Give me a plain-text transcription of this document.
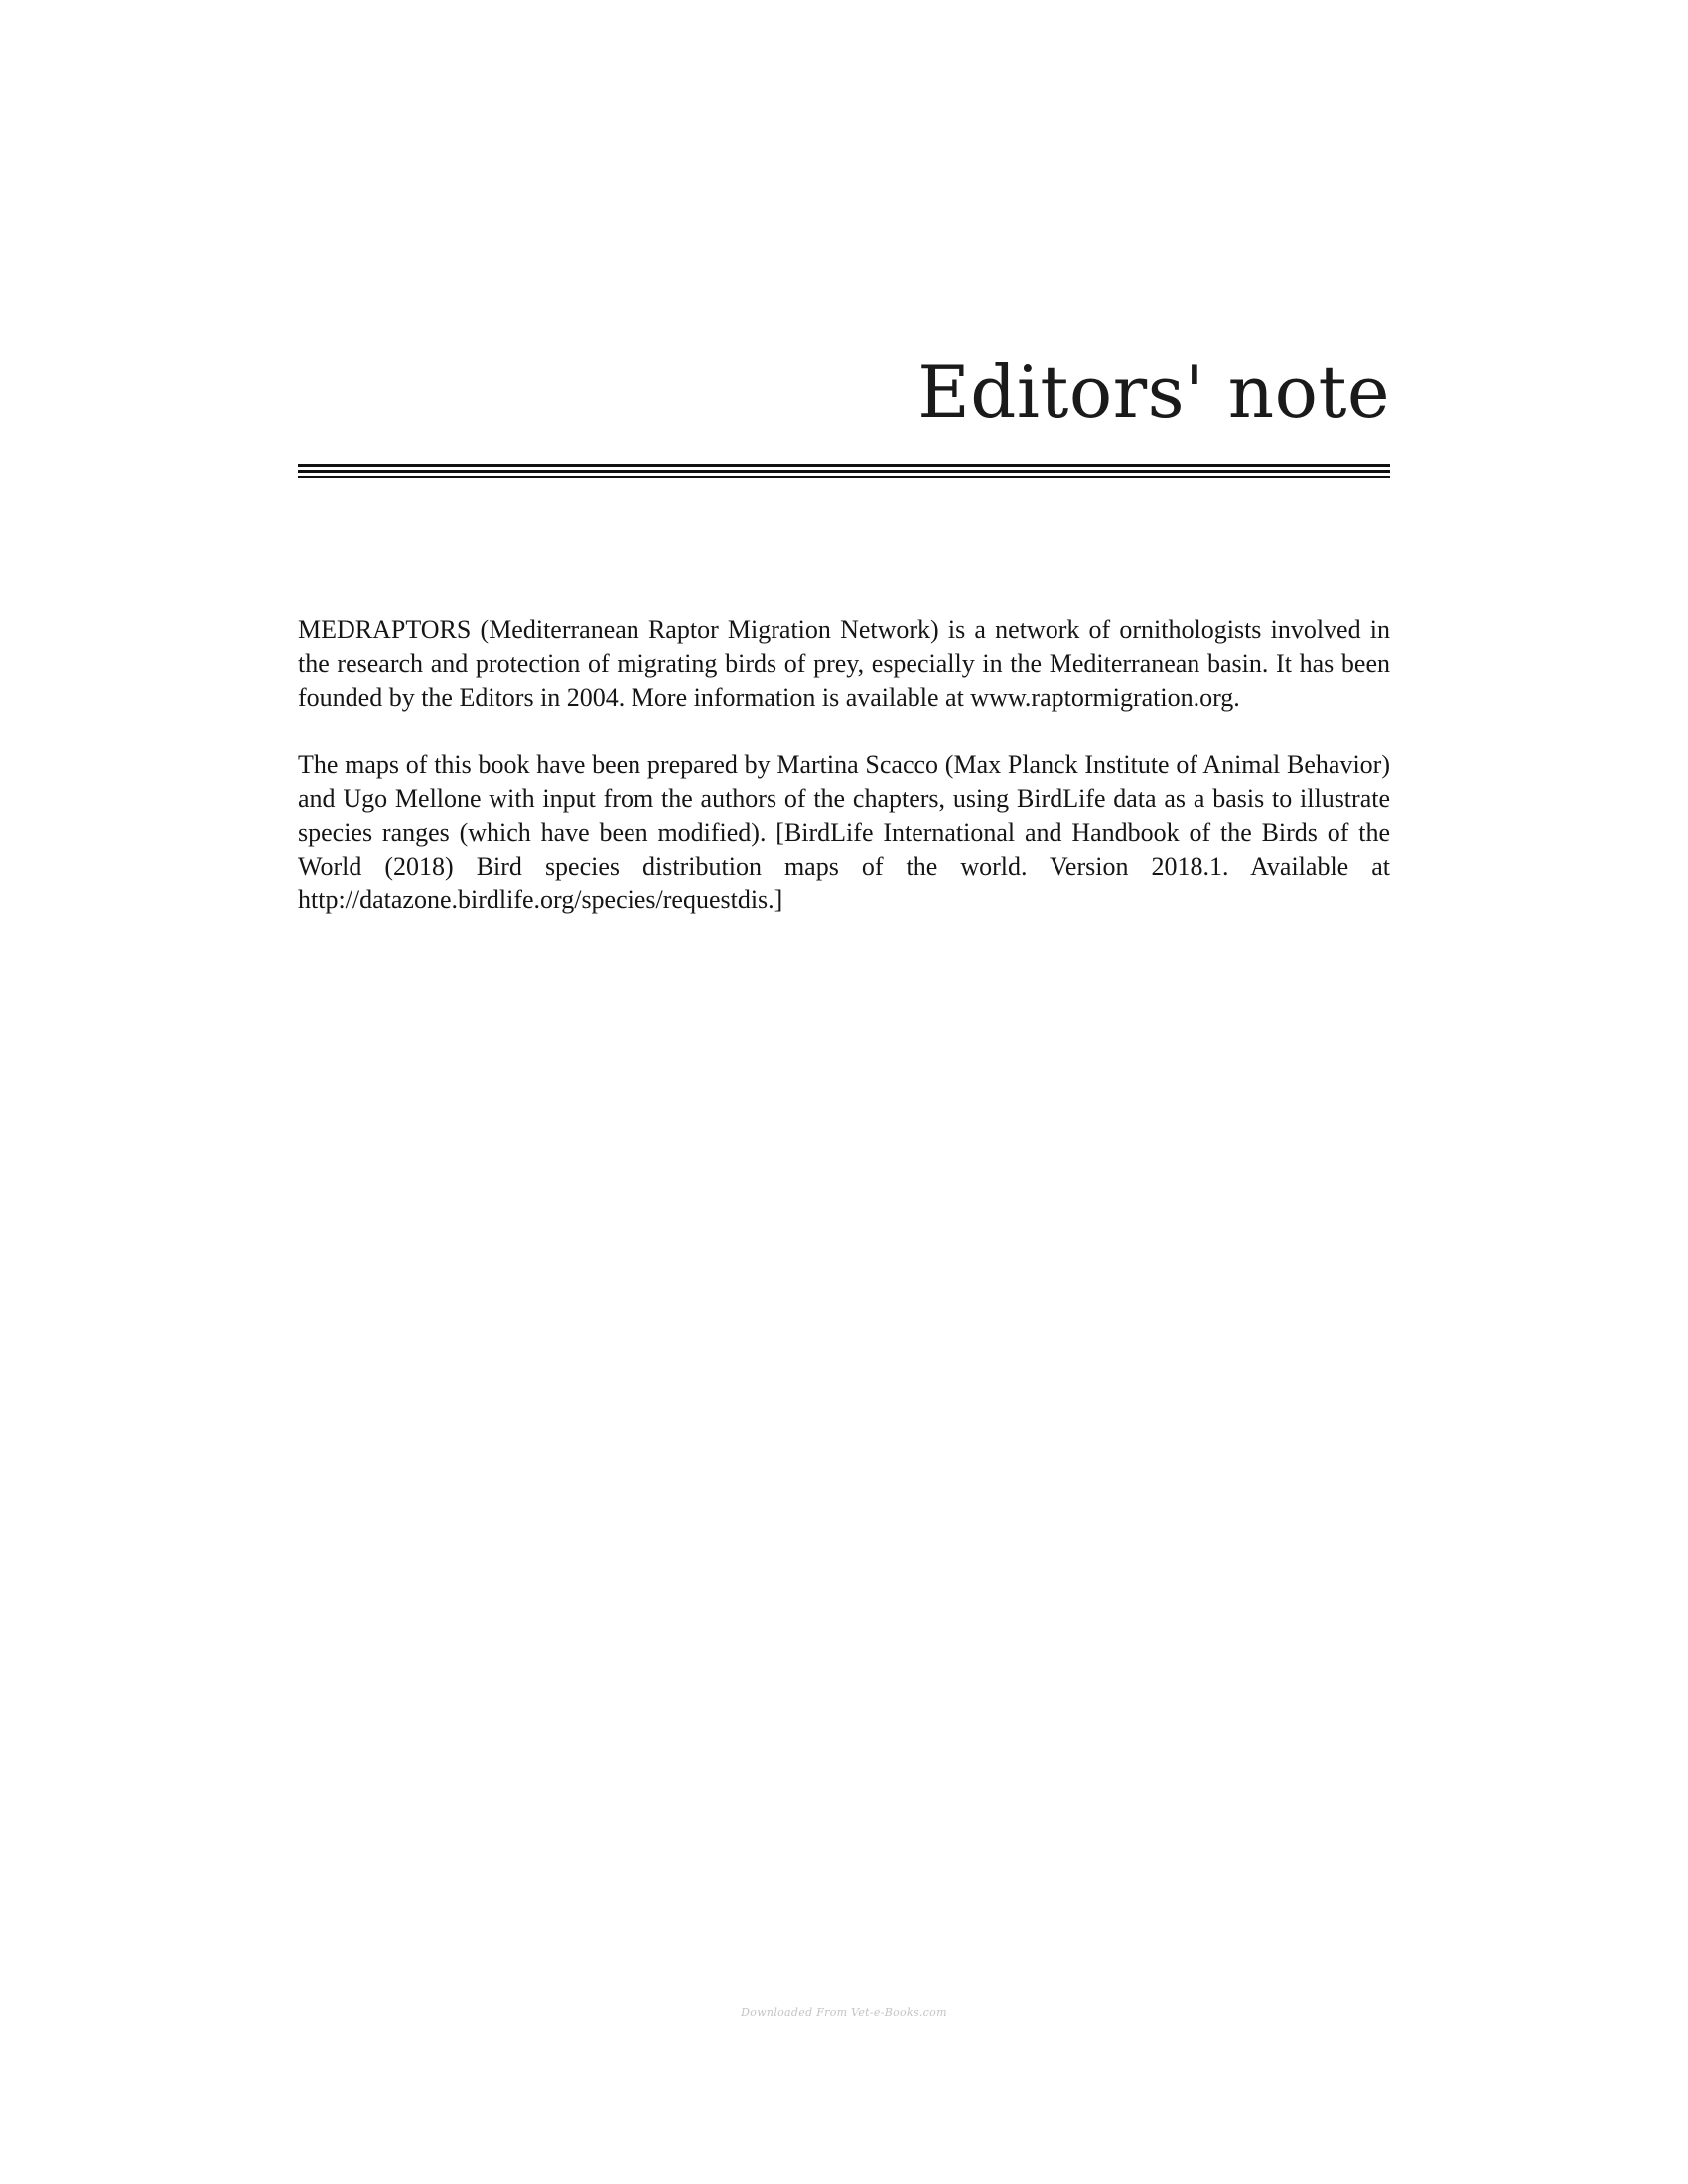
Editors' note

MEDRAPTORS (Mediterranean Raptor Migration Network) is a network of ornithologists involved in the research and protection of migrating birds of prey, especially in the Mediterranean basin. It has been founded by the Editors in 2004. More information is available at www.raptormigration.org.

The maps of this book have been prepared by Martina Scacco (Max Planck Institute of Animal Behavior) and Ugo Mellone with input from the authors of the chapters, using BirdLife data as a basis to illustrate species ranges (which have been modified). [BirdLife International and Handbook of the Birds of the World (2018) Bird species distribution maps of the world. Version 2018.1. Available at http://datazone.birdlife.org/species/requestdis.]

Downloaded From Vet-e-Books.com
